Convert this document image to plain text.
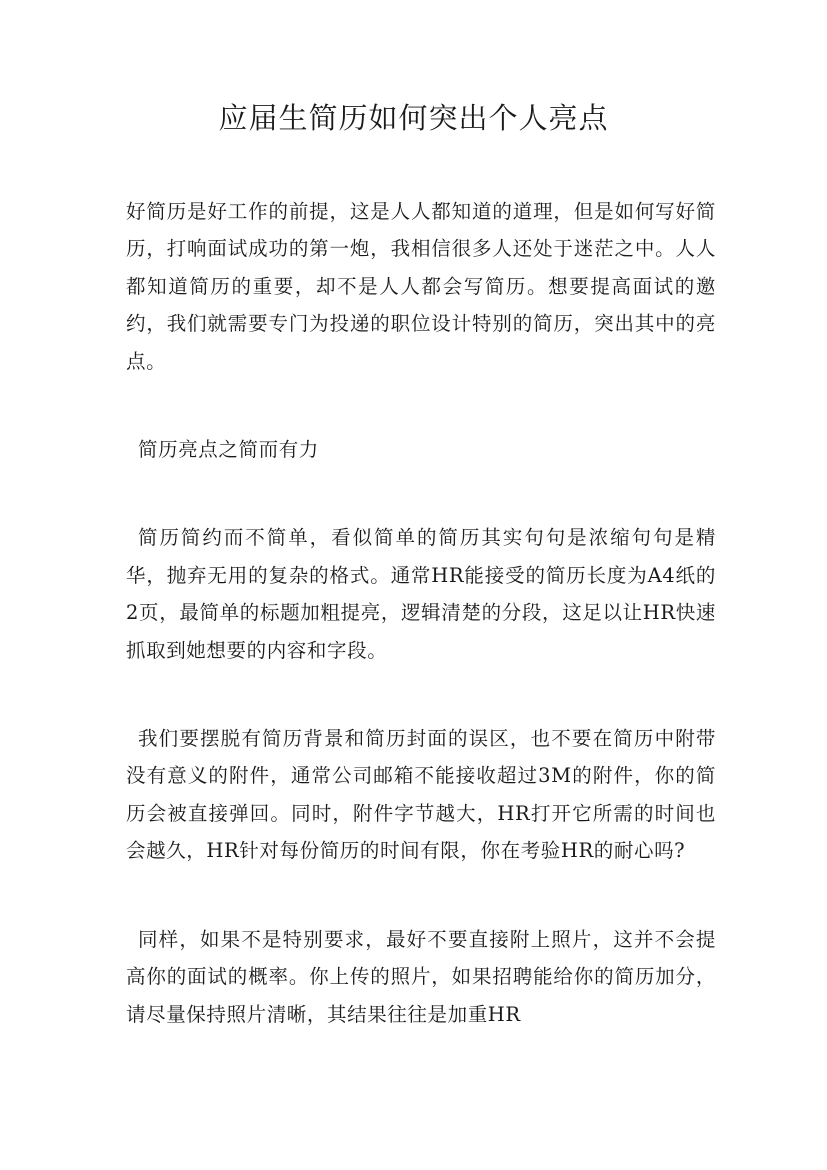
应届生简历如何突出个人亮点

好简历是好工作的前提，这是人人都知道的道理，但是如何写好简历，打响面试成功的第一炮，我相信很多人还处于迷茫之中。人人都知道简历的重要，却不是人人都会写简历。想要提高面试的邀约，我们就需要专门为投递的职位设计特别的简历，突出其中的亮点。

简历亮点之简而有力

简历简约而不简单，看似简单的简历其实句句是浓缩句句是精华，抛弃无用的复杂的格式。通常HR能接受的简历长度为A4纸的2页，最简单的标题加粗提亮，逻辑清楚的分段，这足以让HR快速抓取到她想要的内容和字段。

我们要摆脱有简历背景和简历封面的误区，也不要在简历中附带没有意义的附件，通常公司邮箱不能接收超过3M的附件，你的简历会被直接弹回。同时，附件字节越大，HR打开它所需的时间也会越久，HR针对每份简历的时间有限，你在考验HR的耐心吗?

同样，如果不是特别要求，最好不要直接附上照片，这并不会提高你的面试的概率。你上传的照片，如果招聘能给你的简历加分，请尽量保持照片清晰，其结果往往是加重HR
